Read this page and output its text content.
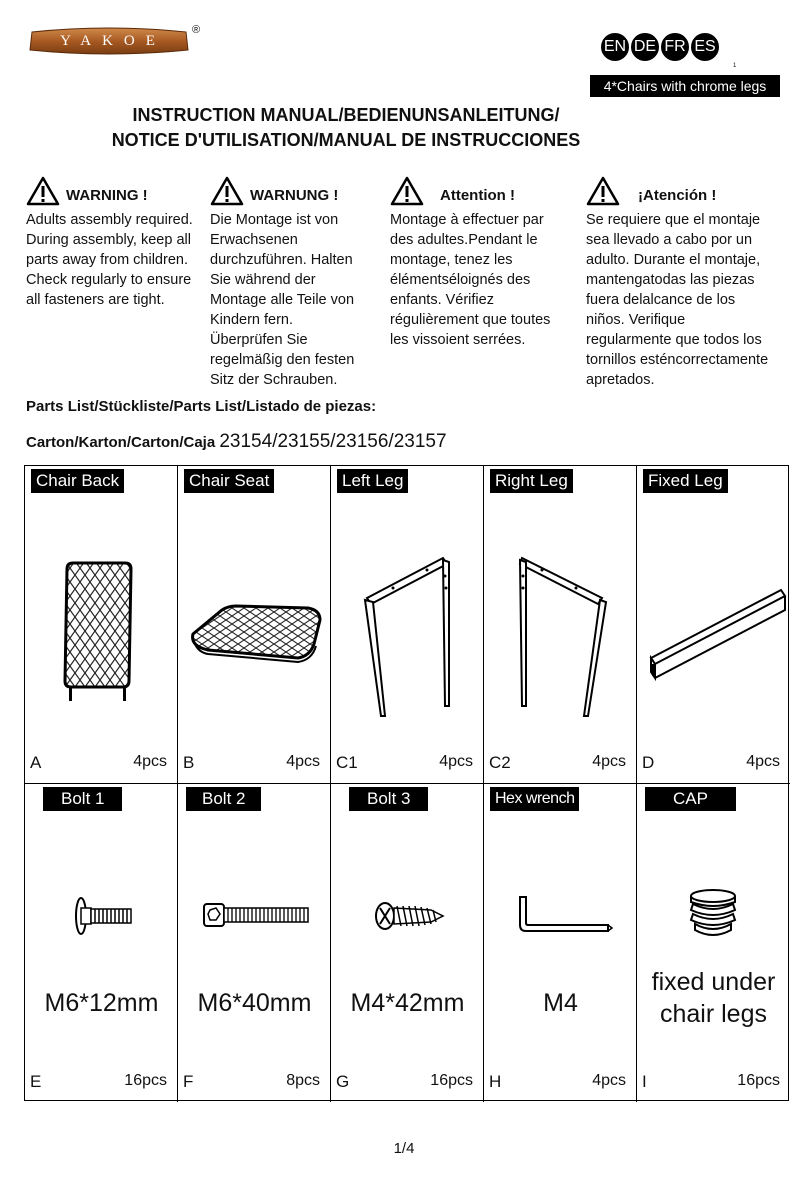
YAKOE
®
EN DE FR ES
1
4*Chairs with chrome legs
INSTRUCTION MANUAL/BEDIENUNSANLEITUNG/
NOTICE D'UTILISATION/MANUAL DE INSTRUCCIONES
WARNING !
Adults assembly required.
During assembly, keep all
parts away from children.
Check regularly to ensure
all fasteners are tight.
WARNUNG !
Die Montage ist von
Erwachsenen
durchzuführen. Halten
Sie während der
Montage alle Teile von
Kindern fern.
Überprüfen Sie
regelmäßig den festen
Sitz der Schrauben.
Attention !
Montage à effectuer par
des adultes.Pendant le
montage, tenez les
élémentséloignés des
enfants. Vérifiez
régulièrement que toutes
les vissoient serrées.
¡Atención !
Se requiere que el montaje
sea llevado a cabo por un
adulto. Durante el montaje,
mantengatodas las piezas
fuera delalcance de los
niños. Verifique
regularmente que todos los
tornillos esténcorrectamente
apretados.
Parts List/Stückliste/Parts List/Listado de piezas:
Carton/Karton/Carton/Caja 23154/23155/23156/23157
Chair Back
A	4pcs
Chair Seat
B	4pcs
Left Leg
C1	4pcs
Right Leg
C2	4pcs
Fixed Leg
D	4pcs
Bolt 1
M6*12mm
E	16pcs
Bolt 2
M6*40mm
F	8pcs
Bolt 3
M4*42mm
G	16pcs
Hex wrench
M4
H	4pcs
CAP
fixed under chair legs
I	16pcs
1/4
